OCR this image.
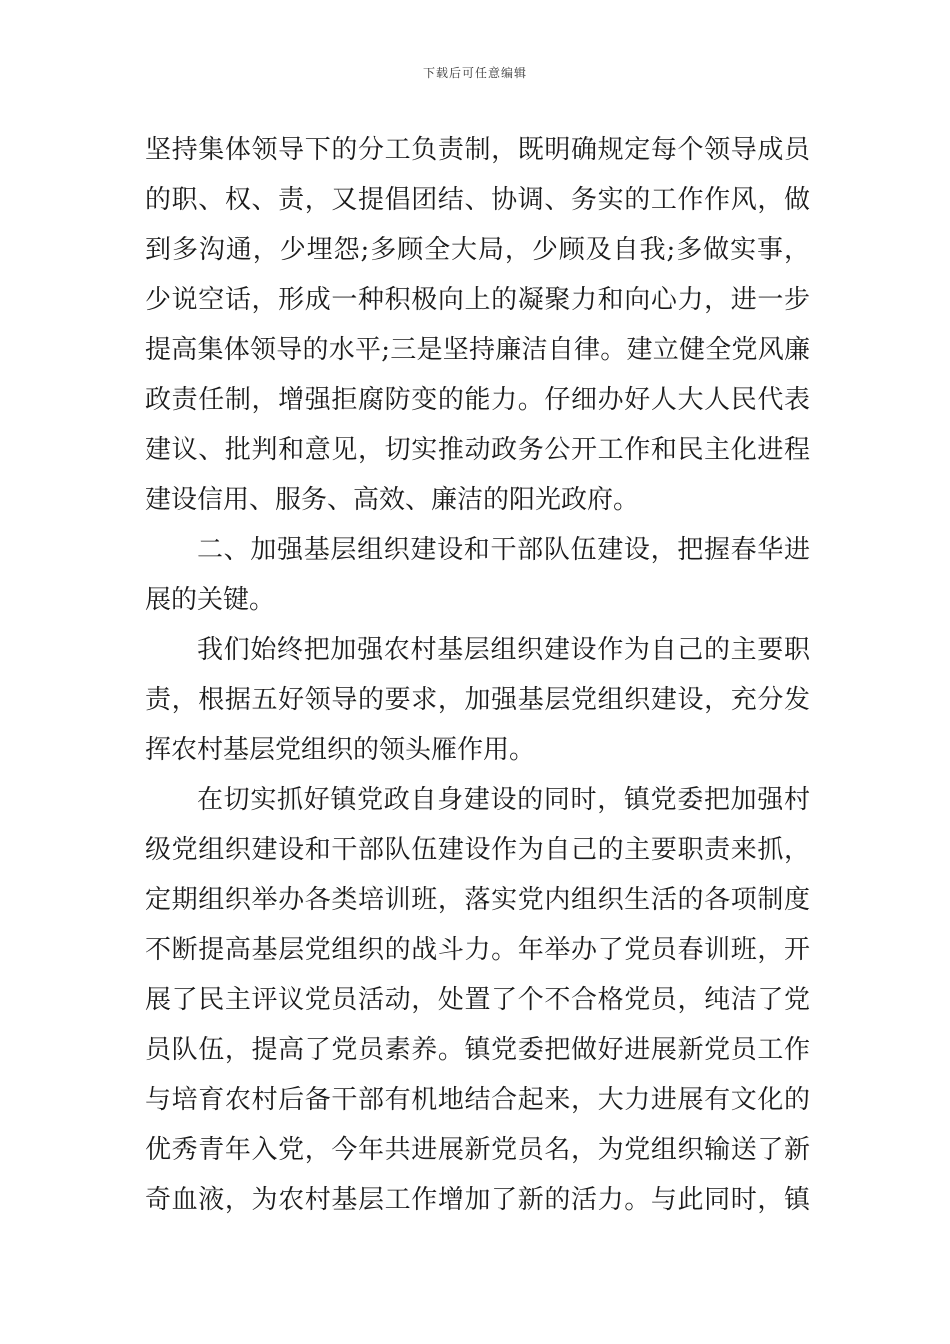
下载后可任意编辑
坚持集体领导下的分工负责制，既明确规定每个领导成员
的职、权、责，又提倡团结、协调、务实的工作作风，做
到多沟通，少埋怨;多顾全大局，少顾及自我;多做实事，
少说空话，形成一种积极向上的凝聚力和向心力，进一步
提高集体领导的水平;三是坚持廉洁自律。建立健全党风廉
政责任制，增强拒腐防变的能力。仔细办好人大人民代表
建议、批判和意见，切实推动政务公开工作和民主化进程
建设信用、服务、高效、廉洁的阳光政府。
二、加强基层组织建设和干部队伍建设，把握春华进
展的关键。
我们始终把加强农村基层组织建设作为自己的主要职
责，根据五好领导的要求，加强基层党组织建设，充分发
挥农村基层党组织的领头雁作用。
在切实抓好镇党政自身建设的同时，镇党委把加强村
级党组织建设和干部队伍建设作为自己的主要职责来抓，
定期组织举办各类培训班，落实党内组织生活的各项制度
不断提高基层党组织的战斗力。年举办了党员春训班，开
展了民主评议党员活动，处置了个不合格党员，纯洁了党
员队伍，提高了党员素养。镇党委把做好进展新党员工作
与培育农村后备干部有机地结合起来，大力进展有文化的
优秀青年入党，今年共进展新党员名，为党组织输送了新
奇血液，为农村基层工作增加了新的活力。与此同时，镇
